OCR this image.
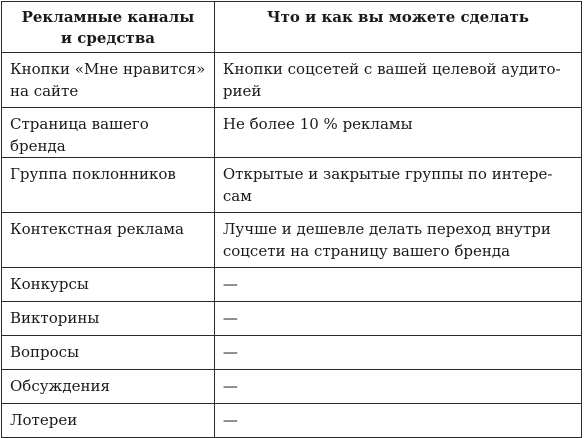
Рекламные каналы
и средства	Что и как вы можете сделать

Кнопки «Мне нравится»
на сайте	Кнопки соцсетей с вашей целевой аудито-
рией

Страница вашего бренда	Не более 10 % рекламы

Группа поклонников	Открытые и закрытые группы по интере-
сам

Контекстная реклама	Лучше и дешевле делать переход внутри
соцсети на страницу вашего бренда

Конкурсы	—

Викторины	—

Вопросы	—

Обсуждения	—

Лотереи	—
